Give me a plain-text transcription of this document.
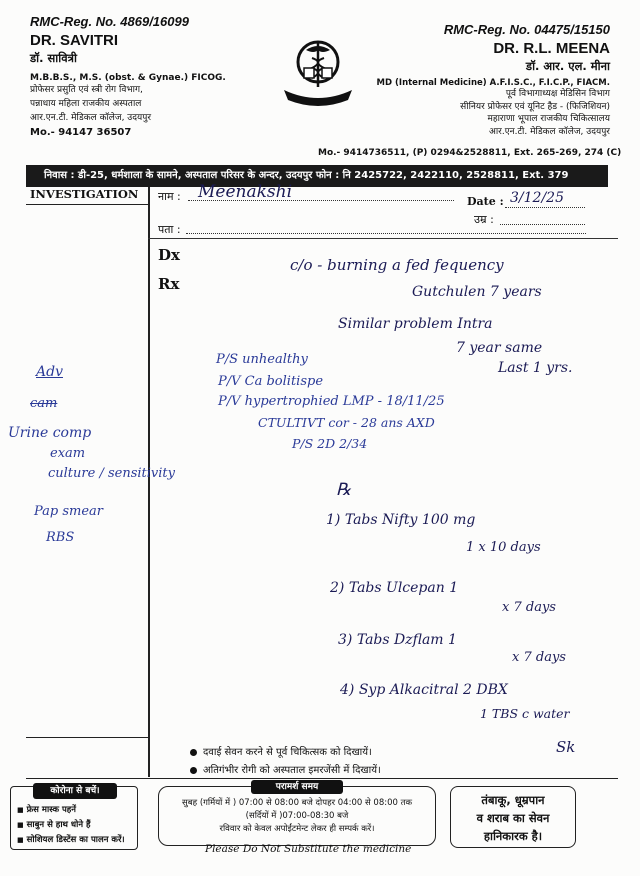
RMC-Reg. No. 4869/16099
DR. SAVITRI
डॉ. सावित्री
M.B.B.S., M.S. (obst. & Gynae.) FICOG.
प्रोफेसर प्रसुति एवं स्त्री रोग विभाग,
पन्नाधाय महिला राजकीय अस्पताल
आर.एन.टी. मेडिकल कॉलेज, उदयपुर
Mo.- 94147 36507
RMC-Reg. No. 04475/15150
DR. R.L. MEENA
डॉ. आर. एल. मीना
MD (Internal Medicine) A.F.I.S.C., F.I.C.P., FIACM.
पूर्व विभागाध्यक्ष मेडिसिन विभाग
सीनियर प्रोफेसर एवं यूनिट हैड - (फिजिशियन)
महाराणा भूपाल राजकीय चिकित्सालय
आर.एन.टी. मेडिकल कॉलेज, उदयपुर
Mo.- 9414736511, (P) 0294&2528811, Ext. 265-269, 274 (C)
निवास : डी-25, धर्मशाला के सामने, अस्पताल परिसर के अन्दर, उदयपुर फोन : नि 2425722, 2422110, 2528811, Ext. 379
INVESTIGATION नाम : Meenakshi	Date : 3/12/25
उम्र :
पता :
Dx
Rx
c/o - burning a fed fequency
Gutchulen 7 years
Similar problem Intra
7 year same
Last 1 yrs.
P/S unhealthy
P/V Ca bolitispe
P/V hypertrophied LMP - 18/11/25
CTULTIVT cor - 28 ans AXD
P/S 2D 2/34
Adv
cam
Urine comp
exam
culture / sensitivity
Pap smear
RBS
℞
1) Tabs Nifty 100 mg
1 x 10 days
2) Tabs Ulcepan 1
x 7 days
3) Tabs Dzflam 1
x 7 days
4) Syp Alkacitral 2 DBX
1 TBS c water
Sk
दवाई सेवन करने से पूर्व चिकित्सक को दिखायें।
अतिगंभीर रोगी को अस्पताल इमरजेंसी में दिखायें।
कोरोना से बचें।
■ फ्रेस मास्क पहनें
■ साबुन से हाथ धोने हैं
■ सोशियल डिस्टेंस का पालन करें।
परामर्श समय
सुबह (गर्मियों में ) 07:00 से 08:00 बजे दोपहर 04:00 से 08:00 तक
(सर्दियों में )07:00-08:30 बजे
रविवार को केवल अपोईंटमेन्ट लेकर ही सम्पर्क करें।
तंबाकू, धूम्रपान
व शराब का सेवन
हानिकारक है।
Please Do Not Substitute the medicine
